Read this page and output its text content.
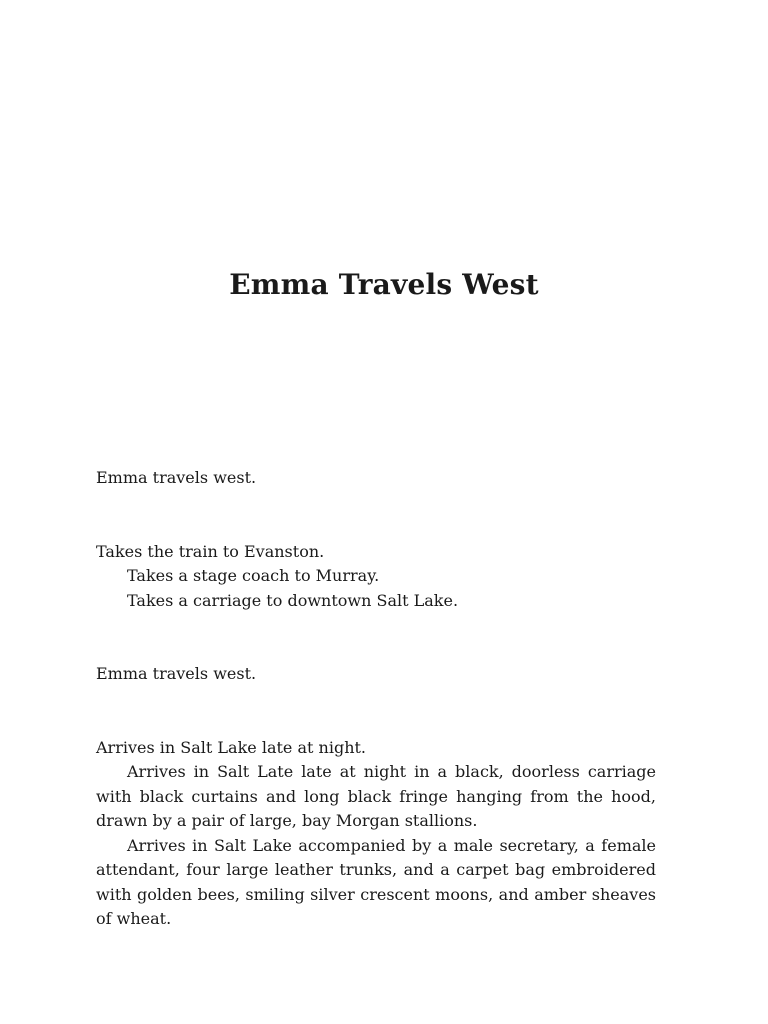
Emma Travels West

Emma travels west.

Takes the train to Evanston.

Takes a stage coach to Murray.

Takes a carriage to downtown Salt Lake.

Emma travels west.

Arrives in Salt Lake late at night.

Arrives in Salt Late late at night in a black, doorless carriage with black curtains and long black fringe hanging from the hood, drawn by a pair of large, bay Morgan stallions.

Arrives in Salt Lake accompanied by a male secretary, a female attendant, four large leather trunks, and a carpet bag embroidered with golden bees, smiling silver crescent moons, and amber sheaves of wheat.
